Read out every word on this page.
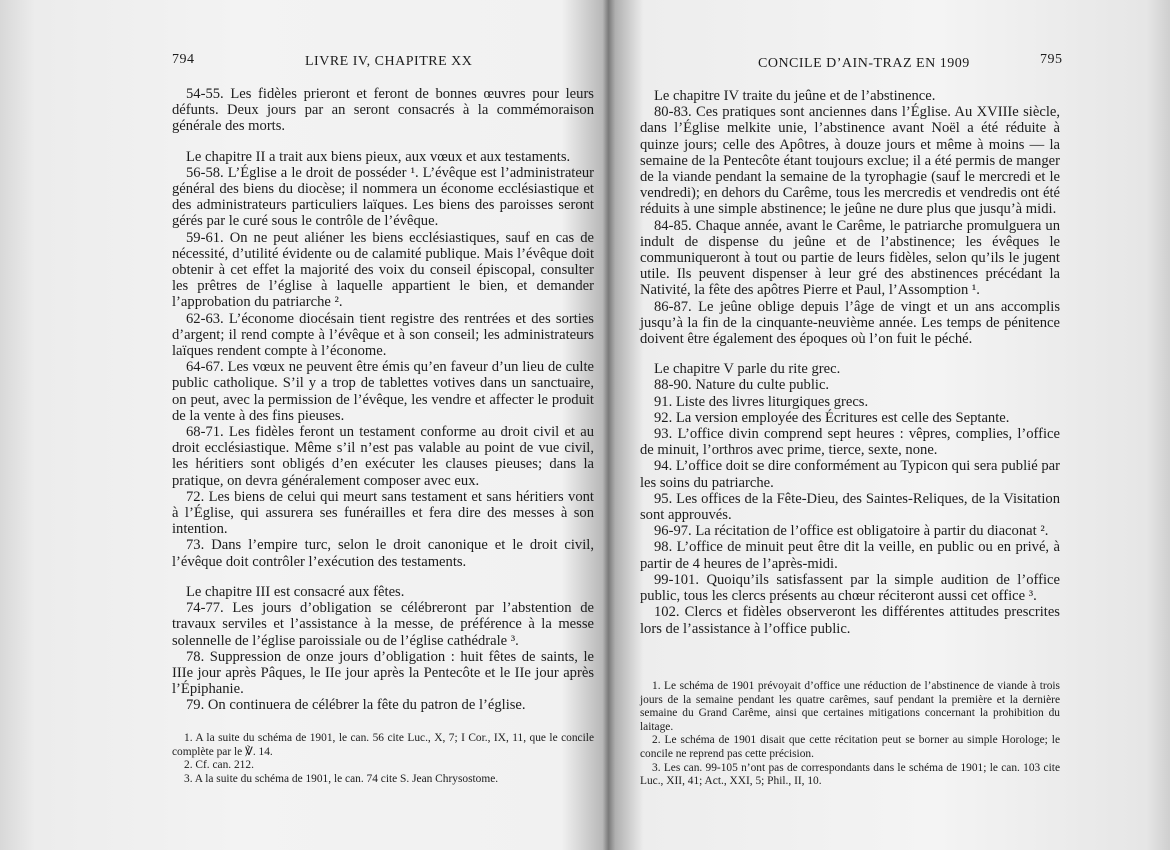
794	LIVRE IV, CHAPITRE XX

54-55. Les fidèles prieront et feront de bonnes œuvres pour leurs défunts. Deux jours par an seront consacrés à la commémoraison générale des morts.

Le chapitre II a trait aux biens pieux, aux vœux et aux testaments.

56-58. L’Église a le droit de posséder ¹. L’évêque est l’administrateur général des biens du diocèse; il nommera un économe ecclésiastique et des administrateurs particuliers laïques. Les biens des paroisses seront gérés par le curé sous le contrôle de l’évêque.

59-61. On ne peut aliéner les biens ecclésiastiques, sauf en cas de nécessité, d’utilité évidente ou de calamité publique. Mais l’évêque doit obtenir à cet effet la majorité des voix du conseil épiscopal, consulter les prêtres de l’église à laquelle appartient le bien, et demander l’approbation du patriarche ².

62-63. L’économe diocésain tient registre des rentrées et des sorties d’argent; il rend compte à l’évêque et à son conseil; les administrateurs laïques rendent compte à l’économe.

64-67. Les vœux ne peuvent être émis qu’en faveur d’un lieu de culte public catholique. S’il y a trop de tablettes votives dans un sanctuaire, on peut, avec la permission de l’évêque, les vendre et affecter le produit de la vente à des fins pieuses.

68-71. Les fidèles feront un testament conforme au droit civil et au droit ecclésiastique. Même s’il n’est pas valable au point de vue civil, les héritiers sont obligés d’en exécuter les clauses pieuses; dans la pratique, on devra généralement composer avec eux.

72. Les biens de celui qui meurt sans testament et sans héritiers vont à l’Église, qui assurera ses funérailles et fera dire des messes à son intention.

73. Dans l’empire turc, selon le droit canonique et le droit civil, l’évêque doit contrôler l’exécution des testaments.

Le chapitre III est consacré aux fêtes.

74-77. Les jours d’obligation se célébreront par l’abstention de travaux serviles et l’assistance à la messe, de préférence à la messe solennelle de l’église paroissiale ou de l’église cathédrale ³.

78. Suppression de onze jours d’obligation : huit fêtes de saints, le IIIe jour après Pâques, le IIe jour après la Pentecôte et le IIe jour après l’Épiphanie.

79. On continuera de célébrer la fête du patron de l’église.

1. A la suite du schéma de 1901, le can. 56 cite Luc., X, 7; I Cor., IX, 11, que le concile complète par le ℣. 14.

2. Cf. can. 212.

3. A la suite du schéma de 1901, le can. 74 cite S. Jean Chrysostome.

CONCILE D’AIN-TRAZ EN 1909	795

Le chapitre IV traite du jeûne et de l’abstinence.

80-83. Ces pratiques sont anciennes dans l’Église. Au XVIIIe siècle, dans l’Église melkite unie, l’abstinence avant Noël a été réduite à quinze jours; celle des Apôtres, à douze jours et même à moins — la semaine de la Pentecôte étant toujours exclue; il a été permis de manger de la viande pendant la semaine de la tyrophagie (sauf le mercredi et le vendredi); en dehors du Carême, tous les mercredis et vendredis ont été réduits à une simple abstinence; le jeûne ne dure plus que jusqu’à midi.

84-85. Chaque année, avant le Carême, le patriarche promulguera un indult de dispense du jeûne et de l’abstinence; les évêques le communiqueront à tout ou partie de leurs fidèles, selon qu’ils le jugent utile. Ils peuvent dispenser à leur gré des abstinences précédant la Nativité, la fête des apôtres Pierre et Paul, l’Assomption ¹.

86-87. Le jeûne oblige depuis l’âge de vingt et un ans accomplis jusqu’à la fin de la cinquante-neuvième année. Les temps de pénitence doivent être également des époques où l’on fuit le péché.

Le chapitre V parle du rite grec.

88-90. Nature du culte public.

91. Liste des livres liturgiques grecs.

92. La version employée des Écritures est celle des Septante.

93. L’office divin comprend sept heures : vêpres, complies, l’office de minuit, l’orthros avec prime, tierce, sexte, none.

94. L’office doit se dire conformément au Typicon qui sera publié par les soins du patriarche.

95. Les offices de la Fête-Dieu, des Saintes-Reliques, de la Visitation sont approuvés.

96-97. La récitation de l’office est obligatoire à partir du diaconat ².

98. L’office de minuit peut être dit la veille, en public ou en privé, à partir de 4 heures de l’après-midi.

99-101. Quoiqu’ils satisfassent par la simple audition de l’office public, tous les clercs présents au chœur réciteront aussi cet office ³.

102. Clercs et fidèles observeront les différentes attitudes prescrites lors de l’assistance à l’office public.

1. Le schéma de 1901 prévoyait d’office une réduction de l’abstinence de viande à trois jours de la semaine pendant les quatre carêmes, sauf pendant la première et la dernière semaine du Grand Carême, ainsi que certaines mitigations concernant la prohibition du laitage.

2. Le schéma de 1901 disait que cette récitation peut se borner au simple Horologe; le concile ne reprend pas cette précision.

3. Les can. 99-105 n’ont pas de correspondants dans le schéma de 1901; le can. 103 cite Luc., XII, 41; Act., XXI, 5; Phil., II, 10.
